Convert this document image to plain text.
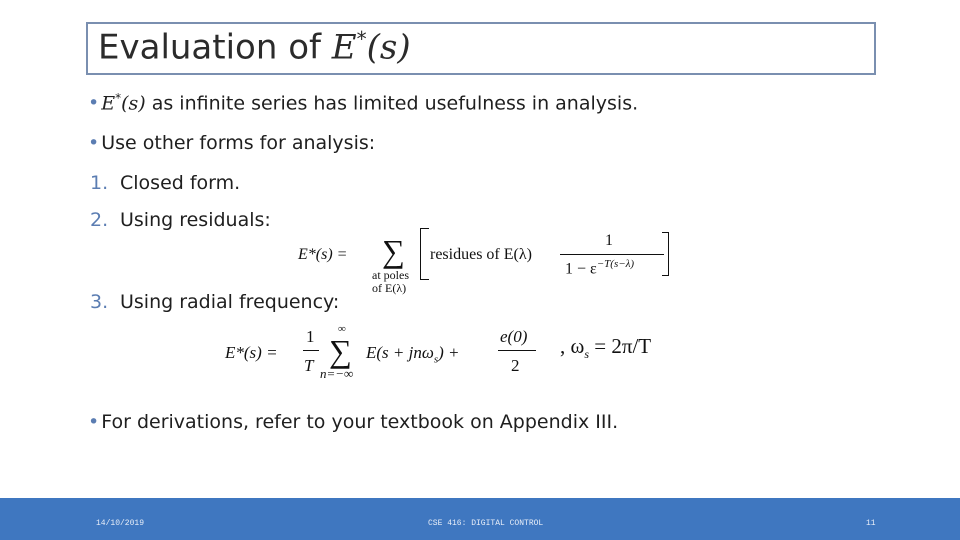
Evaluation of E*(s)
• E*(s) as infinite series has limited usefulness in analysis.
• Use other forms for analysis:
1. Closed form.
2. Using residuals:
E*(s) = ∑
at poles
of E(λ)
residues of E(λ)
1
$1 - \varepsilon^{-T(s-\lambda)}$
3. Using radial frequency:
E*(s) =
1
T
∞
∑
n=−∞
E(s + jnω$_s$) +
e(0)
2
, $\omega_s = 2\pi/T$
• For derivations, refer to your textbook on Appendix III.
14/10/2019	CSE 416: DIGITAL CONTROL	11
